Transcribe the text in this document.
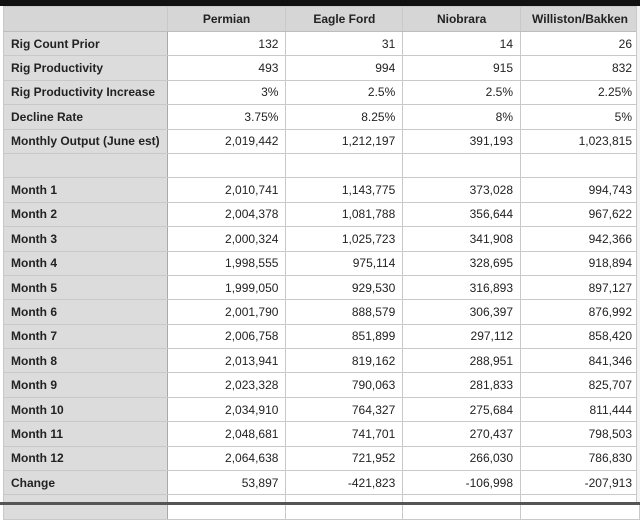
	Permian	Eagle Ford	Niobrara	Williston/Bakken
Rig Count Prior	132	31	14	26
Rig Productivity	493	994	915	832
Rig Productivity Increase	3%	2.5%	2.5%	2.25%
Decline Rate	3.75%	8.25%	8%	5%
Monthly Output (June est)	2,019,442	1,212,197	391,193	1,023,815

Month 1	2,010,741	1,143,775	373,028	994,743
Month 2	2,004,378	1,081,788	356,644	967,622
Month 3	2,000,324	1,025,723	341,908	942,366
Month 4	1,998,555	975,114	328,695	918,894
Month 5	1,999,050	929,530	316,893	897,127
Month 6	2,001,790	888,579	306,397	876,992
Month 7	2,006,758	851,899	297,112	858,420
Month 8	2,013,941	819,162	288,951	841,346
Month 9	2,023,328	790,063	281,833	825,707
Month 10	2,034,910	764,327	275,684	811,444
Month 11	2,048,681	741,701	270,437	798,503
Month 12	2,064,638	721,952	266,030	786,830
Change	53,897	-421,823	-106,998	-207,913
